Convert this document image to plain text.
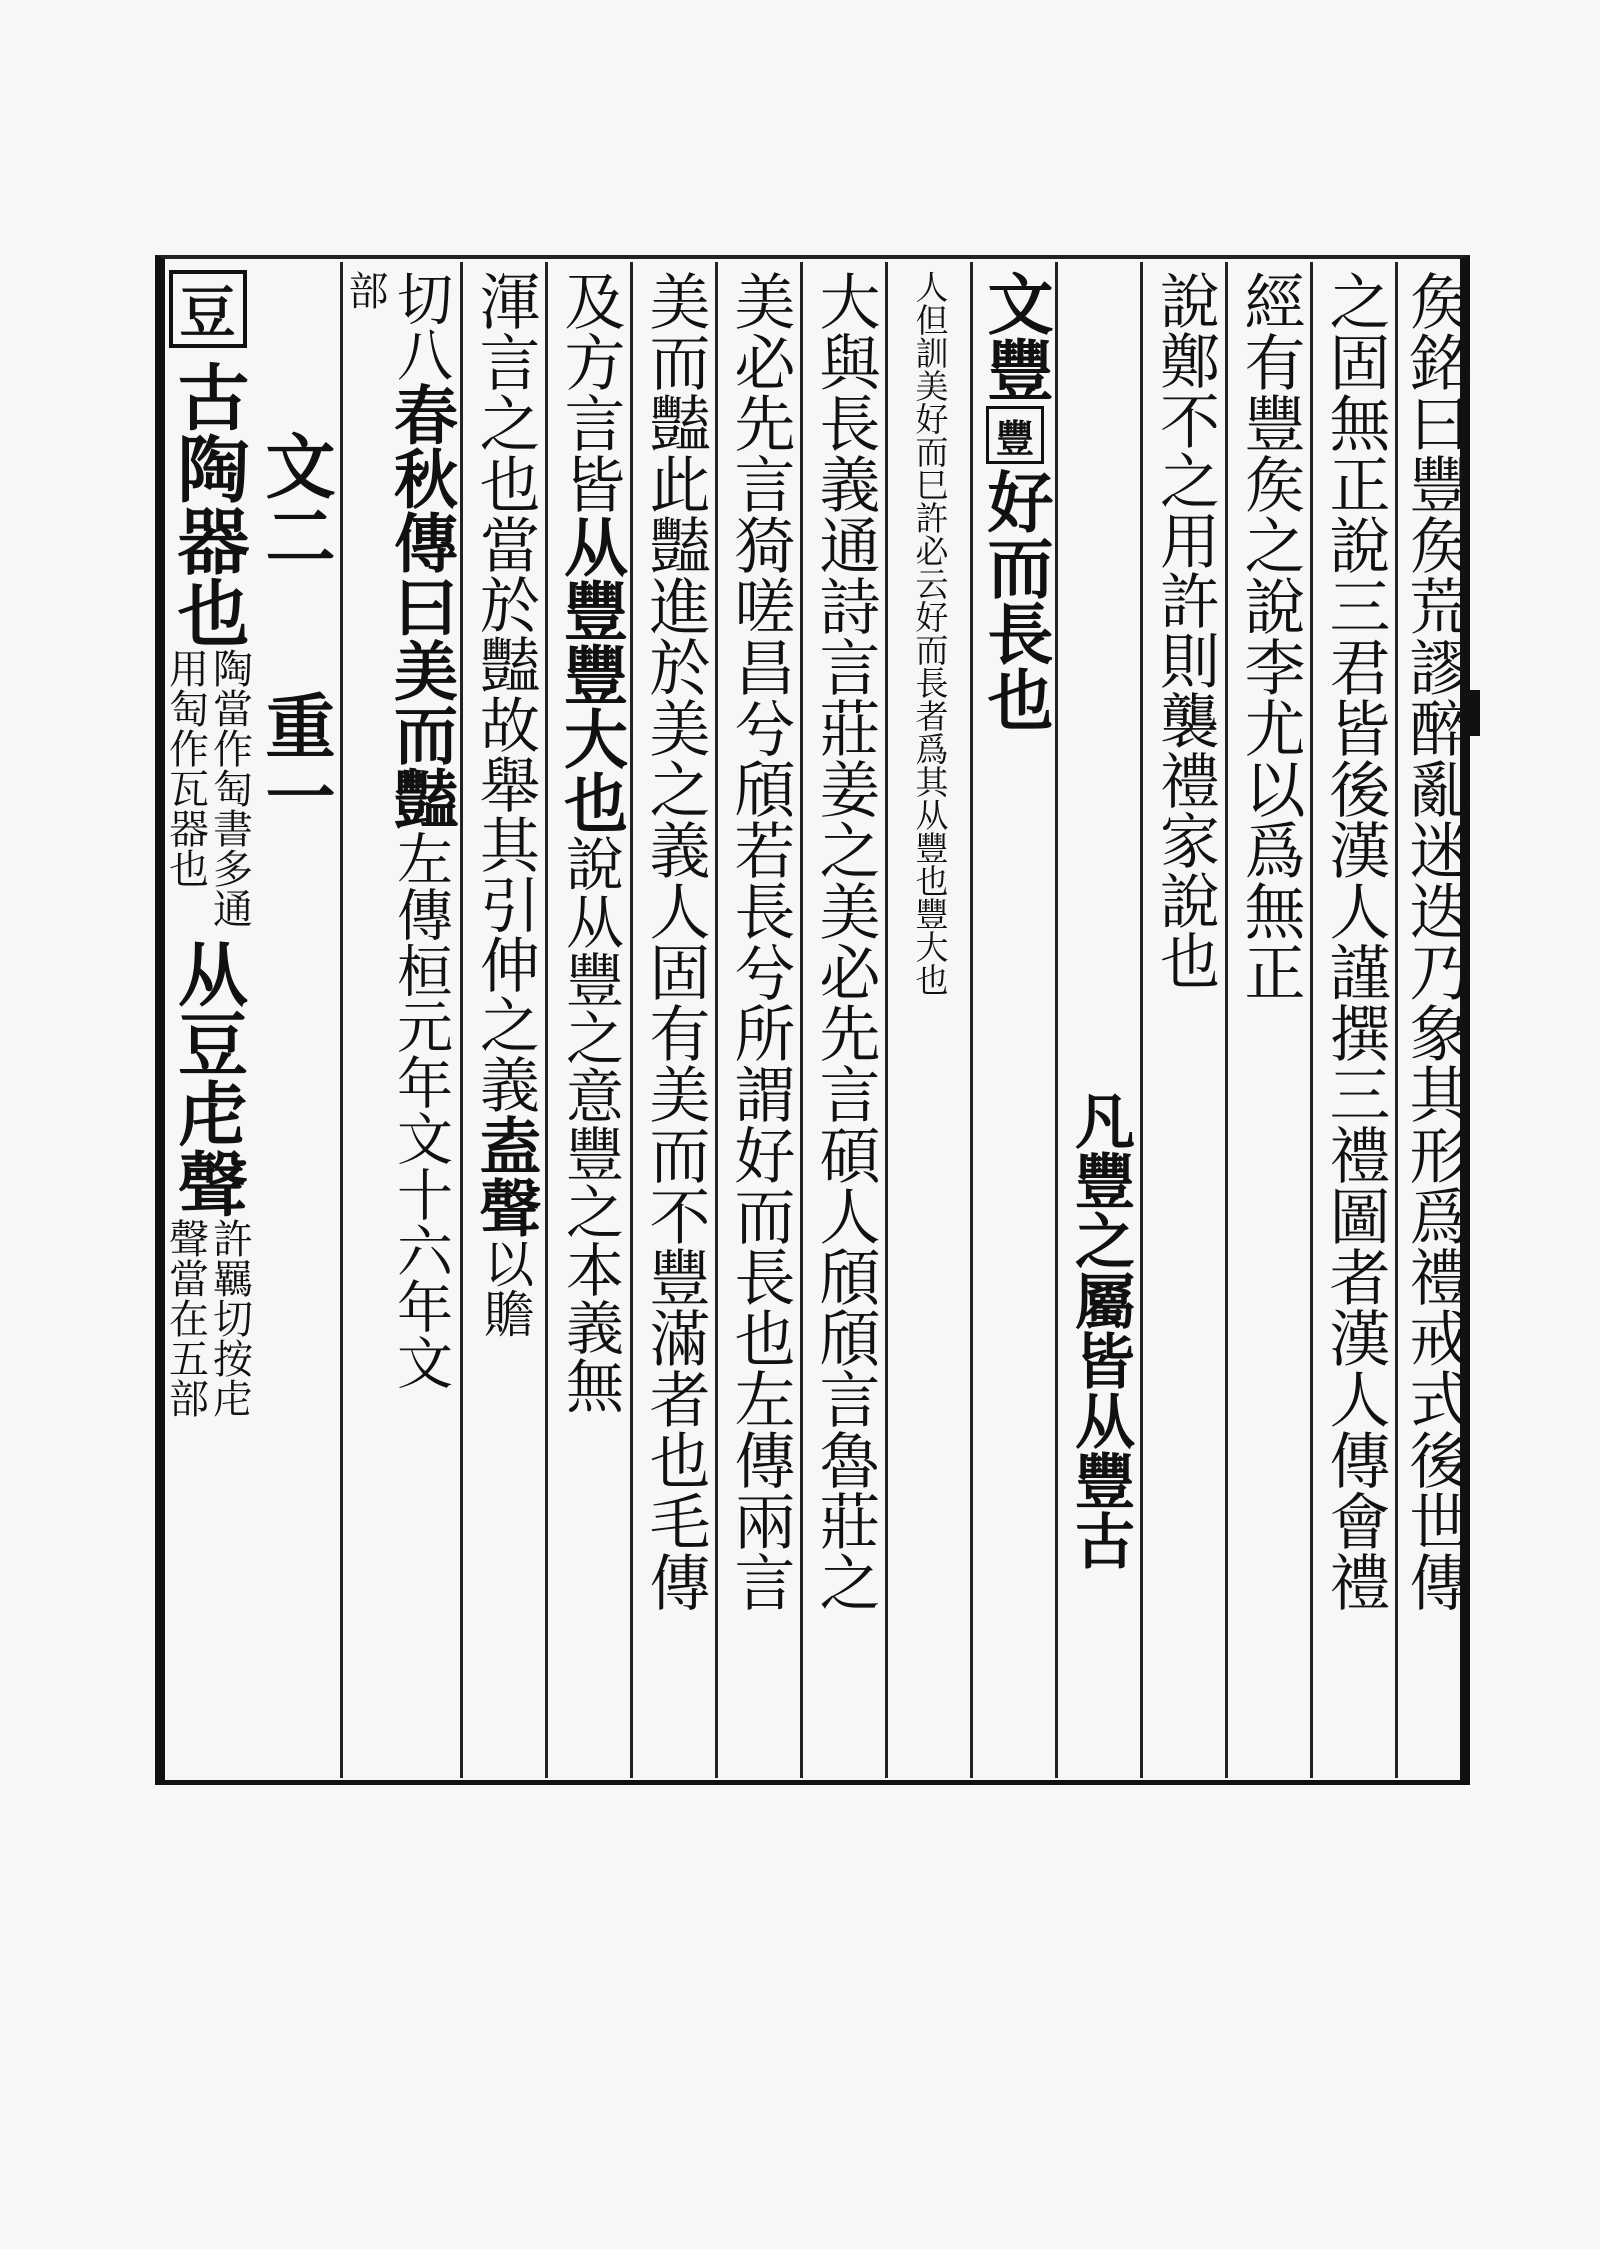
矦銘曰豐矦荒謬醉亂迷迭乃象其形爲禮戒式後世傳
之固無正說三君皆後漢人謹撰三禮圖者漢人傳會禮
經有豐矦之說李尤以爲無正
說鄭不之用許則襲禮家說也
凡豐之屬皆从豐
古
文豐
豐
好而長也
人但訓美好而巳許必云好而長者爲其从豐也豐大也
大與長義通詩言莊姜之美必先言碩人頎頎言魯莊之
美必先言猗嗟昌兮頎若長兮所謂好而長也左傳兩言
美而豔此豔進於美之義人固有美而不豐滿者也毛傳
及方言皆
从豐豐大也
說从豐之意豐之本義無
渾言之也
當於豔故舉其引伸之義
盍聲
以贍
切八
春秋傳曰美而豔
左傳桓元年文十六年文
部
文二
重一
豆
古陶器也
陶當作匋書多通
用匋作瓦器也
从豆虍聲
許羈切按虍
聲當在五部
